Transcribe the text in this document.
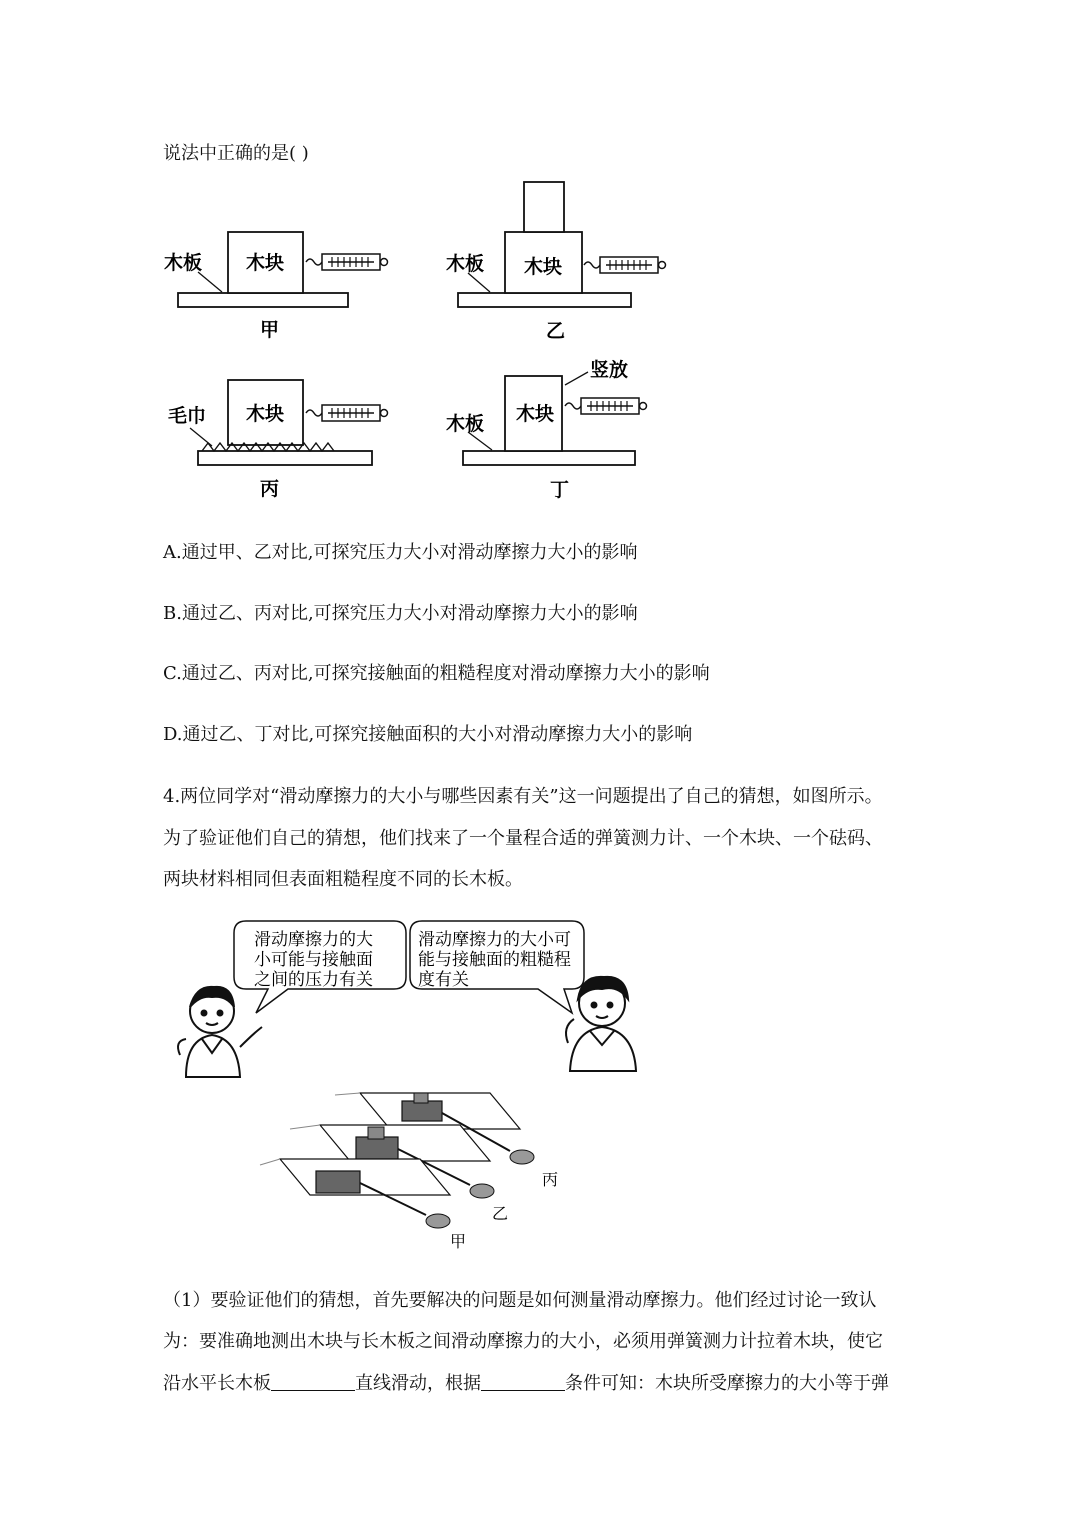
说法中正确的是( )
木板 木块
甲
木板 木块
乙
毛巾 木块
丙
竖放
木板 木块
丁
A.通过甲、乙对比,可探究压力大小对滑动摩擦力大小的影响
B.通过乙、丙对比,可探究压力大小对滑动摩擦力大小的影响
C.通过乙、丙对比,可探究接触面的粗糙程度对滑动摩擦力大小的影响
D.通过乙、丁对比,可探究接触面积的大小对滑动摩擦力大小的影响
4.两位同学对“滑动摩擦力的大小与哪些因素有关”这一问题提出了自己的猜想，如图所示。
为了验证他们自己的猜想，他们找来了一个量程合适的弹簧测力计、一个木块、一个砝码、
两块材料相同但表面粗糙程度不同的长木板。
滑动摩擦力的大
小可能与接触面
之间的压力有关
滑动摩擦力的大小可
能与接触面的粗糙程
度有关
丙
乙
甲
（1）要验证他们的猜想，首先要解决的问题是如何测量滑动摩擦力。他们经过讨论一致认
为：要准确地测出木块与长木板之间滑动摩擦力的大小，必须用弹簧测力计拉着木块，使它
沿水平长木板	直线滑动，根据	条件可知：木块所受摩擦力的大小等于弹
